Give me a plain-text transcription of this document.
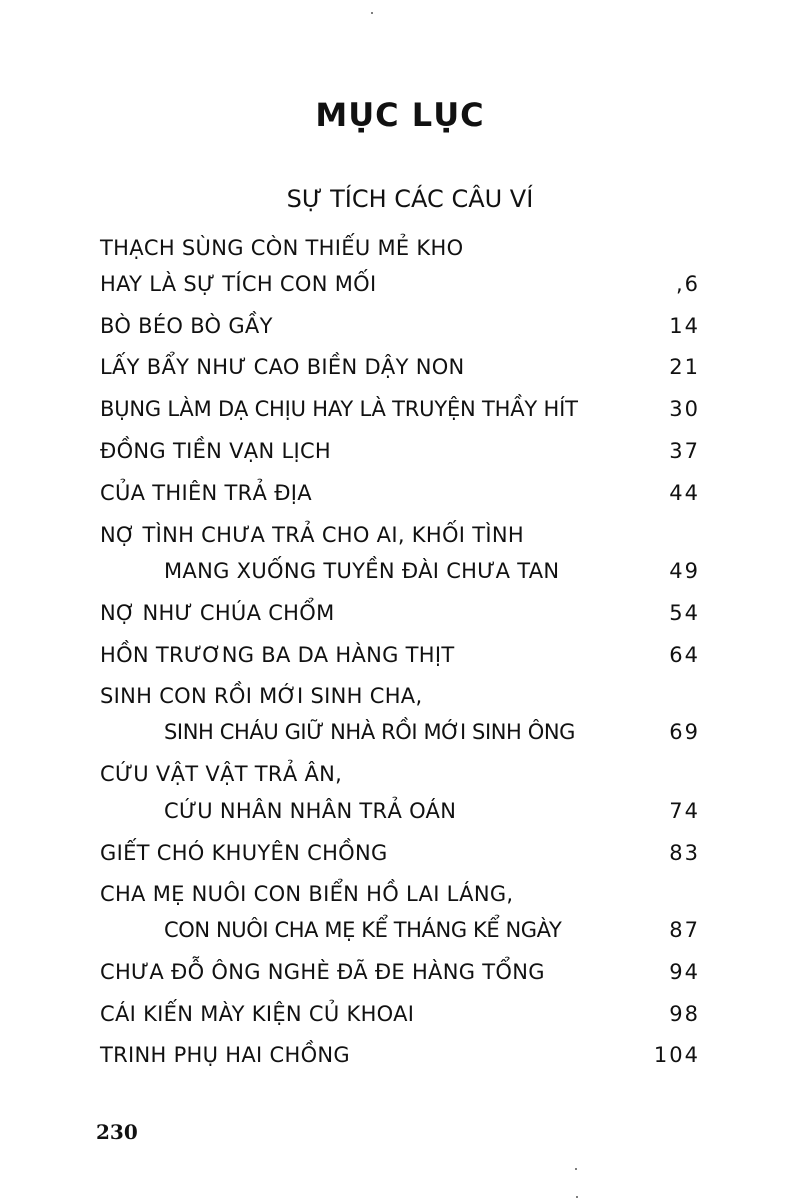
MỤC LỤC
SỰ TÍCH CÁC CÂU VÍ
THẠCH SÙNG CÒN THIẾU MẺ KHO
HAY LÀ SỰ TÍCH CON MỐI	,6
BÒ BÉO BÒ GẦY	14
LẤY BẨY NHƯ CAO BIỀN DẬY NON	21
BỤNG LÀM DẠ CHỊU HAY LÀ TRUYỆN THẦY HÍT	30
ĐỒNG TIỀN VẠN LỊCH	37
CỦA THIÊN TRẢ ĐỊA	44
NỢ TÌNH CHƯA TRẢ CHO AI, KHỐI TÌNH
MANG XUỐNG TUYỀN ĐÀI CHƯA TAN	49
NỢ NHƯ CHÚA CHỔM	54
HỒN TRƯƠNG BA DA HÀNG THỊT	64
SINH CON RỒI MỚI SINH CHA,
SINH CHÁU GIỮ NHÀ RỒI MỚI SINH ÔNG	69
CỨU VẬT VẬT TRẢ ÂN,
CỨU NHÂN NHÂN TRẢ OÁN	74
GIẾT CHÓ KHUYÊN CHỒNG	83
CHA MẸ NUÔI CON BIỂN HỒ LAI LÁNG,
CON NUÔI CHA MẸ KỂ THÁNG KỂ NGÀY	87
CHƯA ĐỖ ÔNG NGHÈ ĐÃ ĐE HÀNG TỔNG	94
CÁI KIẾN MÀY KIỆN CỦ KHOAI	98
TRINH PHỤ HAI CHỒNG	104
230
